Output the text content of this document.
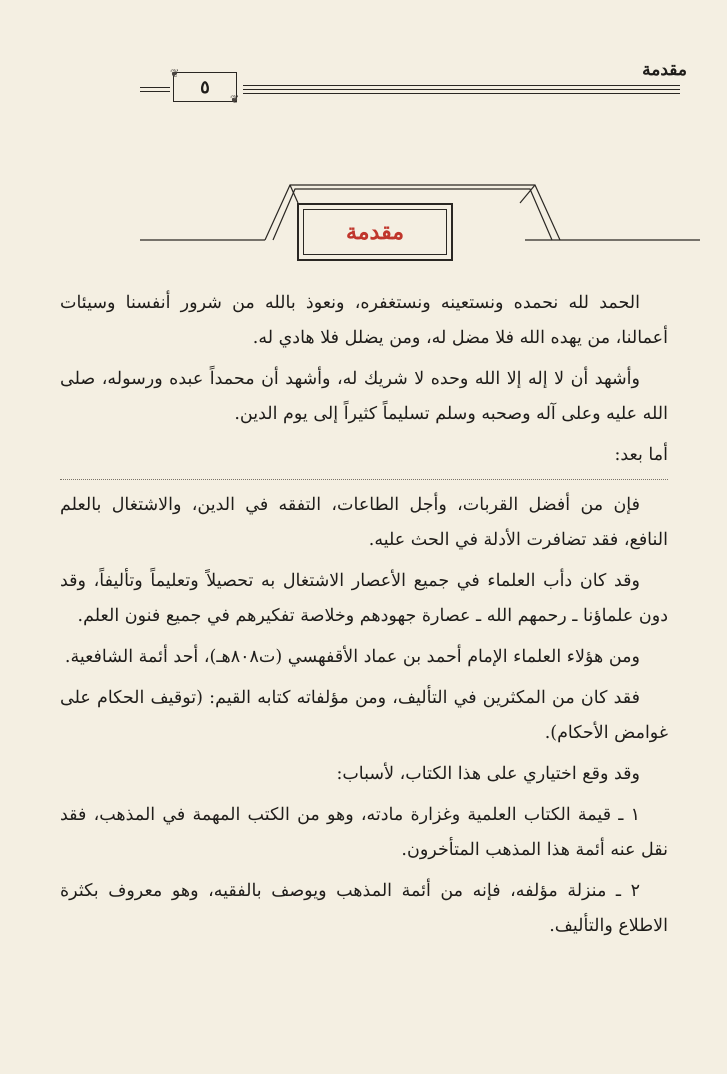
مقدمة
٥
❦
❦
مقدمة

الحمد لله نحمده ونستعينه ونستغفره، ونعوذ بالله من شرور أنفسنا وسيئات أعمالنا، من يهده الله فلا مضل له، ومن يضلل فلا هادي له.

وأشهد أن لا إله إلا الله وحده لا شريك له، وأشهد أن محمداً عبده ورسوله، صلى الله عليه وعلى آله وصحبه وسلم تسليماً كثيراً إلى يوم الدين.

أما بعد:

فإن من أفضل القربات، وأجل الطاعات، التفقه في الدين، والاشتغال بالعلم النافع، فقد تضافرت الأدلة في الحث عليه.

وقد كان دأب العلماء في جميع الأعصار الاشتغال به تحصيلاً وتعليماً وتأليفاً، وقد دون علماؤنا ـ رحمهم الله ـ عصارة جهودهم وخلاصة تفكيرهم في جميع فنون العلم.

ومن هؤلاء العلماء الإمام أحمد بن عماد الأقفهسي (ت٨٠٨هـ)، أحد أئمة الشافعية.

فقد كان من المكثرين في التأليف، ومن مؤلفاته كتابه القيم: (توقيف الحكام على غوامض الأحكام).

وقد وقع اختياري على هذا الكتاب، لأسباب:

١ ـ قيمة الكتاب العلمية وغزارة مادته، وهو من الكتب المهمة في المذهب، فقد نقل عنه أئمة هذا المذهب المتأخرون.

٢ ـ منزلة مؤلفه، فإنه من أئمة المذهب ويوصف بالفقيه، وهو معروف بكثرة الاطلاع والتأليف.
